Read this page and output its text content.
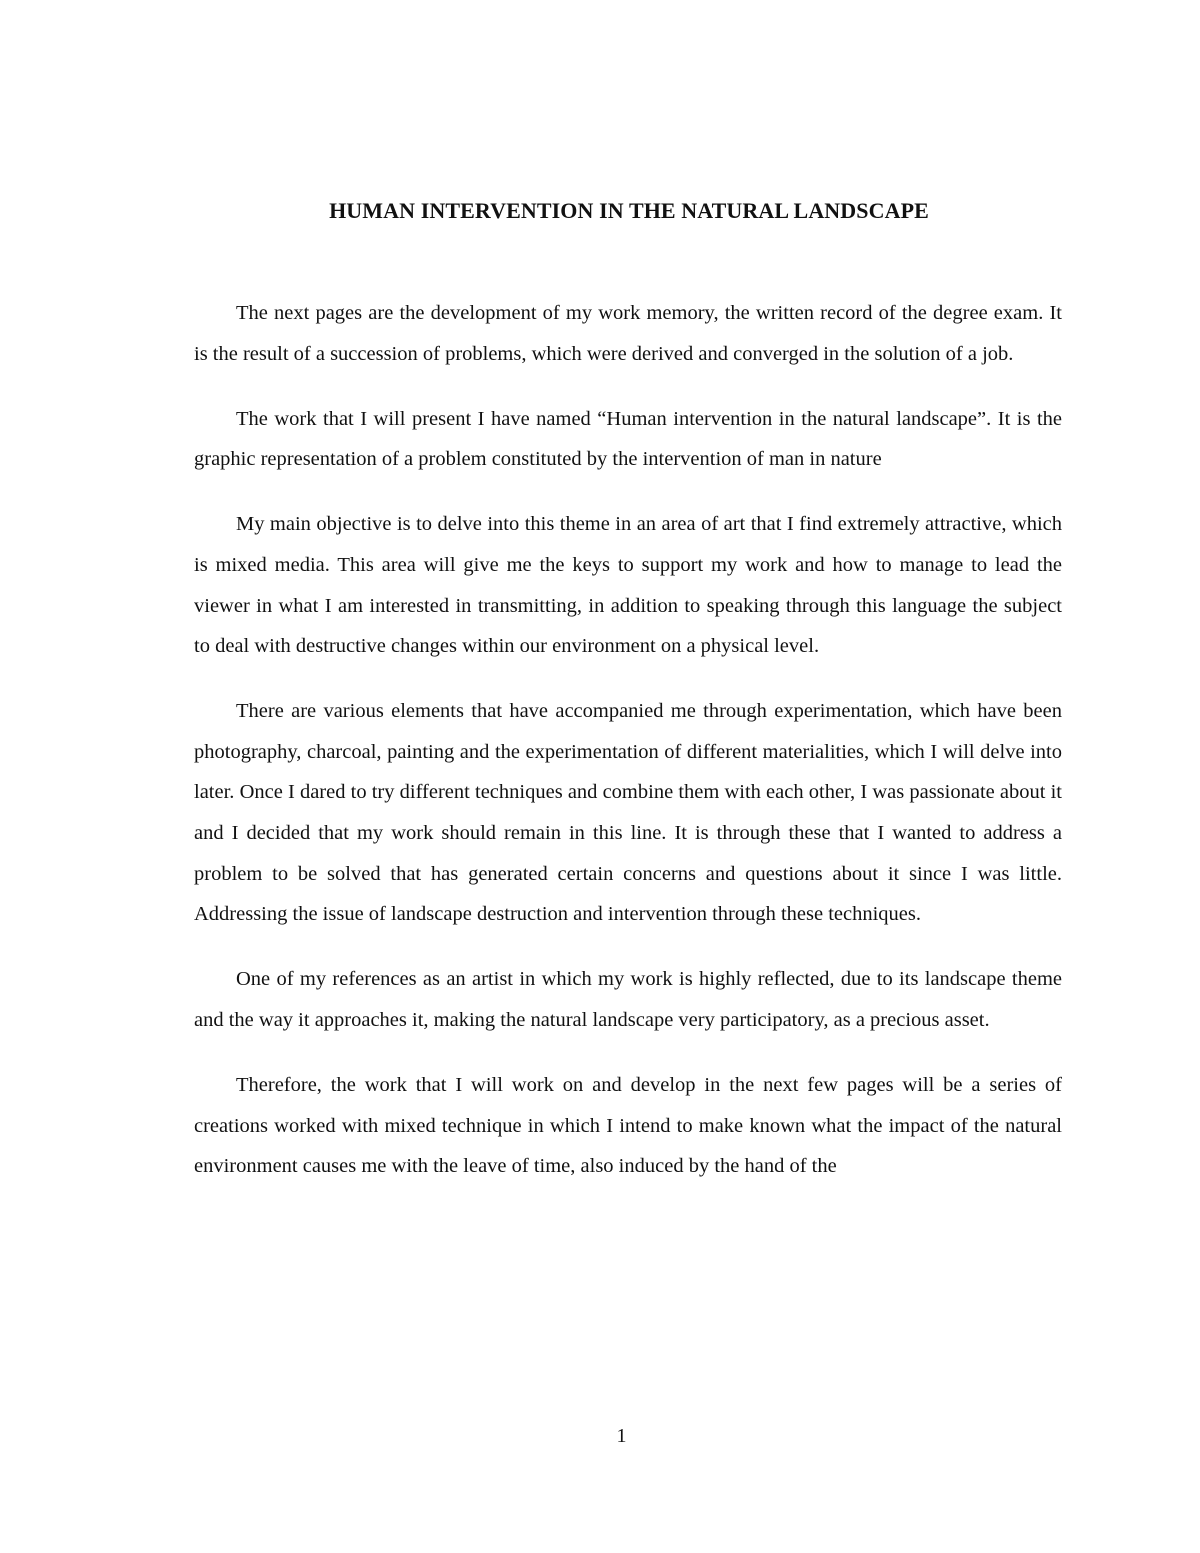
HUMAN INTERVENTION IN THE NATURAL LANDSCAPE

The next pages are the development of my work memory, the written record of the degree exam. It is the result of a succession of problems, which were derived and converged in the solution of a job.

The work that I will present I have named “Human intervention in the natural landscape”. It is the graphic representation of a problem constituted by the intervention of man in nature

My main objective is to delve into this theme in an area of art that I find extremely attractive, which is mixed media. This area will give me the keys to support my work and how to manage to lead the viewer in what I am interested in transmitting, in addition to speaking through this language the subject to deal with destructive changes within our environment on a physical level.

There are various elements that have accompanied me through experimentation, which have been photography, charcoal, painting and the experimentation of different materialities, which I will delve into later. Once I dared to try different techniques and combine them with each other, I was passionate about it and I decided that my work should remain in this line. It is through these that I wanted to address a problem to be solved that has generated certain concerns and questions about it since I was little. Addressing the issue of landscape destruction and intervention through these techniques.

One of my references as an artist in which my work is highly reflected, due to its landscape theme and the way it approaches it, making the natural landscape very participatory, as a precious asset.

Therefore, the work that I will work on and develop in the next few pages will be a series of creations worked with mixed technique in which I intend to make known what the impact of the natural environment causes me with the leave of time, also induced by the hand of the

1
